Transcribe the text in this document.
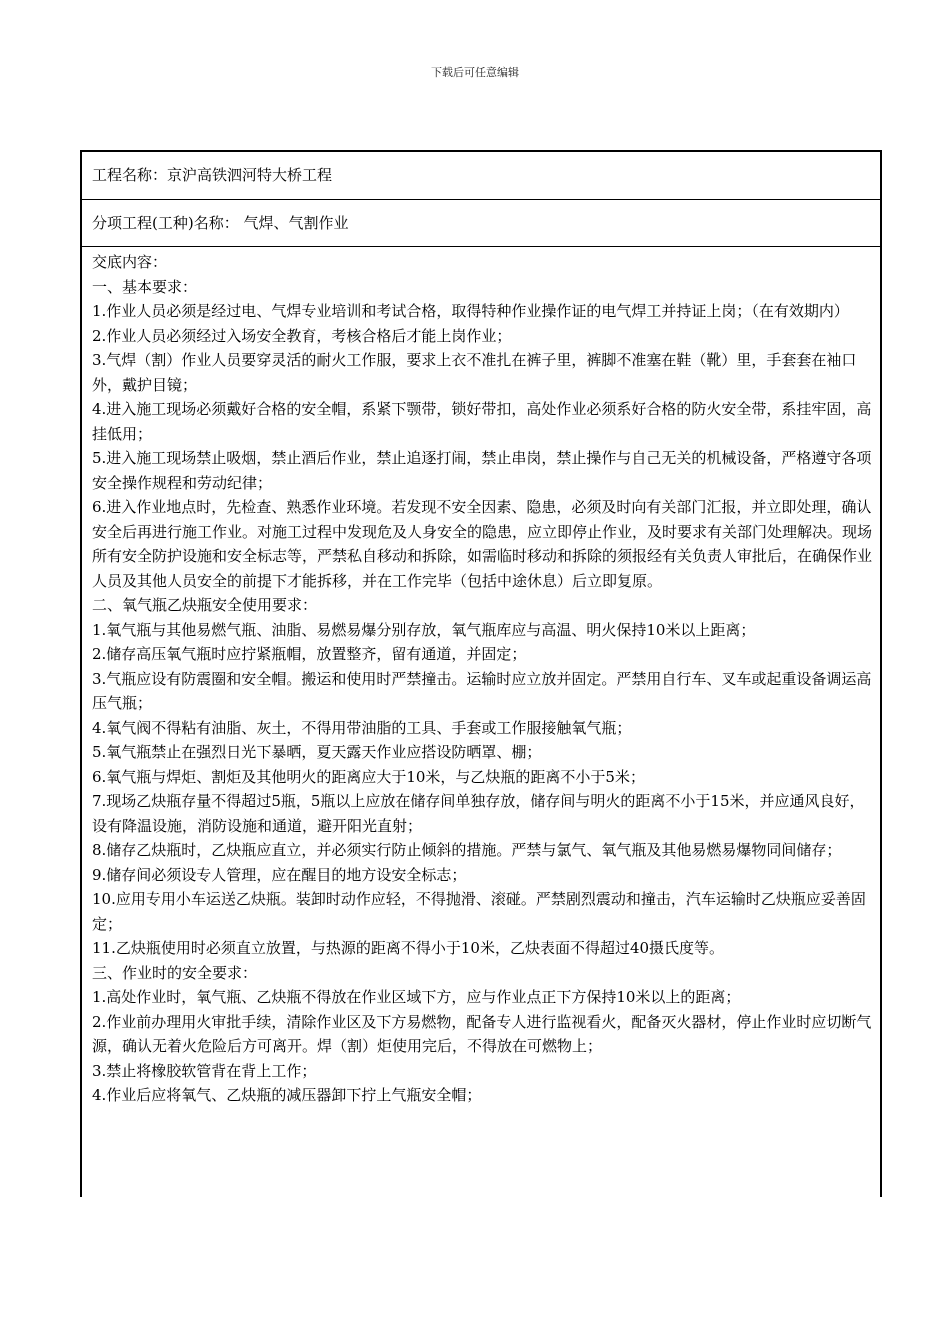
下载后可任意编辑
工程名称：京沪高铁泗河特大桥工程
分项工程(工种)名称： 气焊、气割作业

交底内容：

一、基本要求：

1.作业人员必须是经过电、气焊专业培训和考试合格，取得特种作业操作证的电气焊工并持证上岗；（在有效期内）

2.作业人员必须经过入场安全教育，考核合格后才能上岗作业；

3.气焊（割）作业人员要穿灵活的耐火工作服，要求上衣不准扎在裤子里，裤脚不准塞在鞋（靴）里，手套套在袖口外，戴护目镜；

4.进入施工现场必须戴好合格的安全帽，系紧下颚带，锁好带扣，高处作业必须系好合格的防火安全带，系挂牢固，高挂低用；

5.进入施工现场禁止吸烟，禁止酒后作业，禁止追逐打闹，禁止串岗，禁止操作与自己无关的机械设备，严格遵守各项安全操作规程和劳动纪律；

6.进入作业地点时，先检查、熟悉作业环境。若发现不安全因素、隐患，必须及时向有关部门汇报，并立即处理，确认安全后再进行施工作业。对施工过程中发现危及人身安全的隐患，应立即停止作业，及时要求有关部门处理解决。现场所有安全防护设施和安全标志等，严禁私自移动和拆除，如需临时移动和拆除的须报经有关负责人审批后，在确保作业人员及其他人员安全的前提下才能拆移，并在工作完毕（包括中途休息）后立即复原。

二、氧气瓶乙炔瓶安全使用要求：

1.氧气瓶与其他易燃气瓶、油脂、易燃易爆分别存放，氧气瓶库应与高温、明火保持10米以上距离；

2.储存高压氧气瓶时应拧紧瓶帽，放置整齐，留有通道，并固定；

3.气瓶应设有防震圈和安全帽。搬运和使用时严禁撞击。运输时应立放并固定。严禁用自行车、叉车或起重设备调运高压气瓶；

4.氧气阀不得粘有油脂、灰土，不得用带油脂的工具、手套或工作服接触氧气瓶；

5.氧气瓶禁止在强烈日光下暴晒，夏天露天作业应搭设防晒罩、棚；

6.氧气瓶与焊炬、割炬及其他明火的距离应大于10米，与乙炔瓶的距离不小于5米；

7.现场乙炔瓶存量不得超过5瓶，5瓶以上应放在储存间单独存放，储存间与明火的距离不小于15米，并应通风良好，设有降温设施，消防设施和通道，避开阳光直射；

8.储存乙炔瓶时，乙炔瓶应直立，并必须实行防止倾斜的措施。严禁与氯气、氧气瓶及其他易燃易爆物同间储存；

9.储存间必须设专人管理，应在醒目的地方设安全标志；

10.应用专用小车运送乙炔瓶。装卸时动作应轻，不得抛滑、滚碰。严禁剧烈震动和撞击，汽车运输时乙炔瓶应妥善固定；

11.乙炔瓶使用时必须直立放置，与热源的距离不得小于10米，乙炔表面不得超过40摄氏度等。

三、作业时的安全要求：

1.高处作业时，氧气瓶、乙炔瓶不得放在作业区域下方，应与作业点正下方保持10米以上的距离；

2.作业前办理用火审批手续，清除作业区及下方易燃物，配备专人进行监视看火，配备灭火器材，停止作业时应切断气源，确认无着火危险后方可离开。焊（割）炬使用完后，不得放在可燃物上；

3.禁止将橡胶软管背在背上工作；

4.作业后应将氧气、乙炔瓶的减压器卸下拧上气瓶安全帽；
